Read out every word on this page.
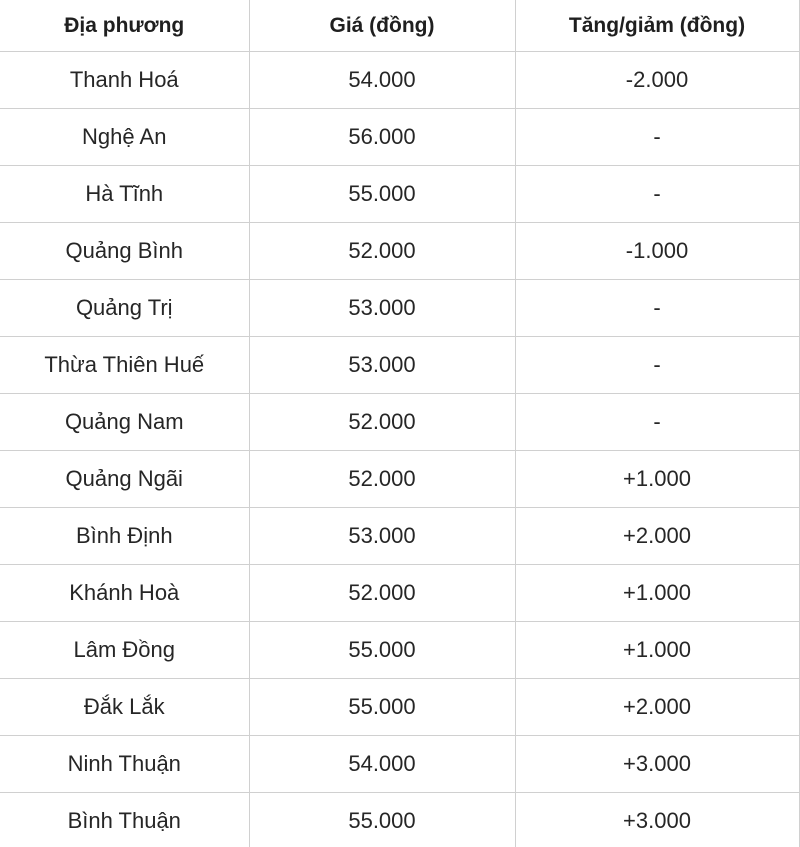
Địa phương	Giá (đồng)	Tăng/giảm (đồng)
Thanh Hoá	54.000	-2.000
Nghệ An	56.000	-
Hà Tĩnh	55.000	-
Quảng Bình	52.000	-1.000
Quảng Trị	53.000	-
Thừa Thiên Huế	53.000	-
Quảng Nam	52.000	-
Quảng Ngãi	52.000	+1.000
Bình Định	53.000	+2.000
Khánh Hoà	52.000	+1.000
Lâm Đồng	55.000	+1.000
Đắk Lắk	55.000	+2.000
Ninh Thuận	54.000	+3.000
Bình Thuận	55.000	+3.000
